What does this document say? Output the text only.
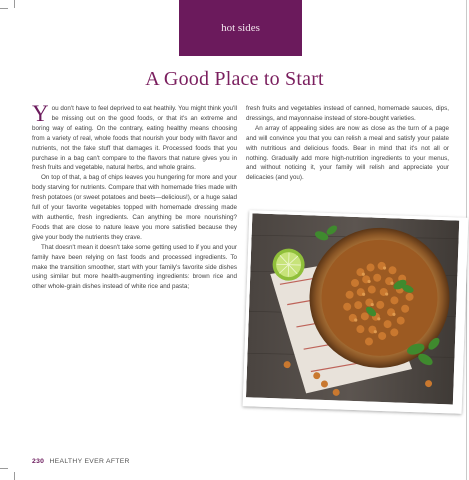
hot sides
A Good Place to Start

You don't have to feel deprived to eat heathily. You might think you'll be missing out on the good foods, or that it's an extreme and boring way of eating. On the contrary, eating healthy means choosing from a variety of real, whole foods that nourish your body with flavor and nutrients, not the fake stuff that damages it. Processed foods that you purchase in a bag can't compare to the flavors that nature gives you in fresh fruits and vegetable, natural herbs, and whole grains.

On top of that, a bag of chips leaves you hungering for more and your body starving for nutrients. Compare that with homemade fries made with fresh potatoes (or sweet potatoes and beets—delicious!), or a huge salad full of your favorite vegetables topped with homemade dressing made with authentic, fresh ingredients. Can anything be more nourishing? Foods that are close to nature leave you more satisfied because they give your body the nutrients they crave.

That doesn't mean it doesn't take some getting used to if you and your family have been relying on fast foods and processed ingredients. To make the transition smoother, start with your family's favorite side dishes using similar but more health-augmenting ingredients: brown rice and other whole-grain dishes instead of white rice and pasta;

fresh fruits and vegetables instead of canned, homemade sauces, dips, dressings, and mayonnaise instead of store-bought varieties.

An array of appealing sides are now as close as the turn of a page and will convince you that you can relish a meal and satisfy your palate with nutritious and delicious foods. Bear in mind that it's not all or nothing. Gradually add more high-nutrition ingredients to your menus, and without noticing it, your family will relish and appreciate your delicacies (and you).

230 HEALTHY EVER AFTER
